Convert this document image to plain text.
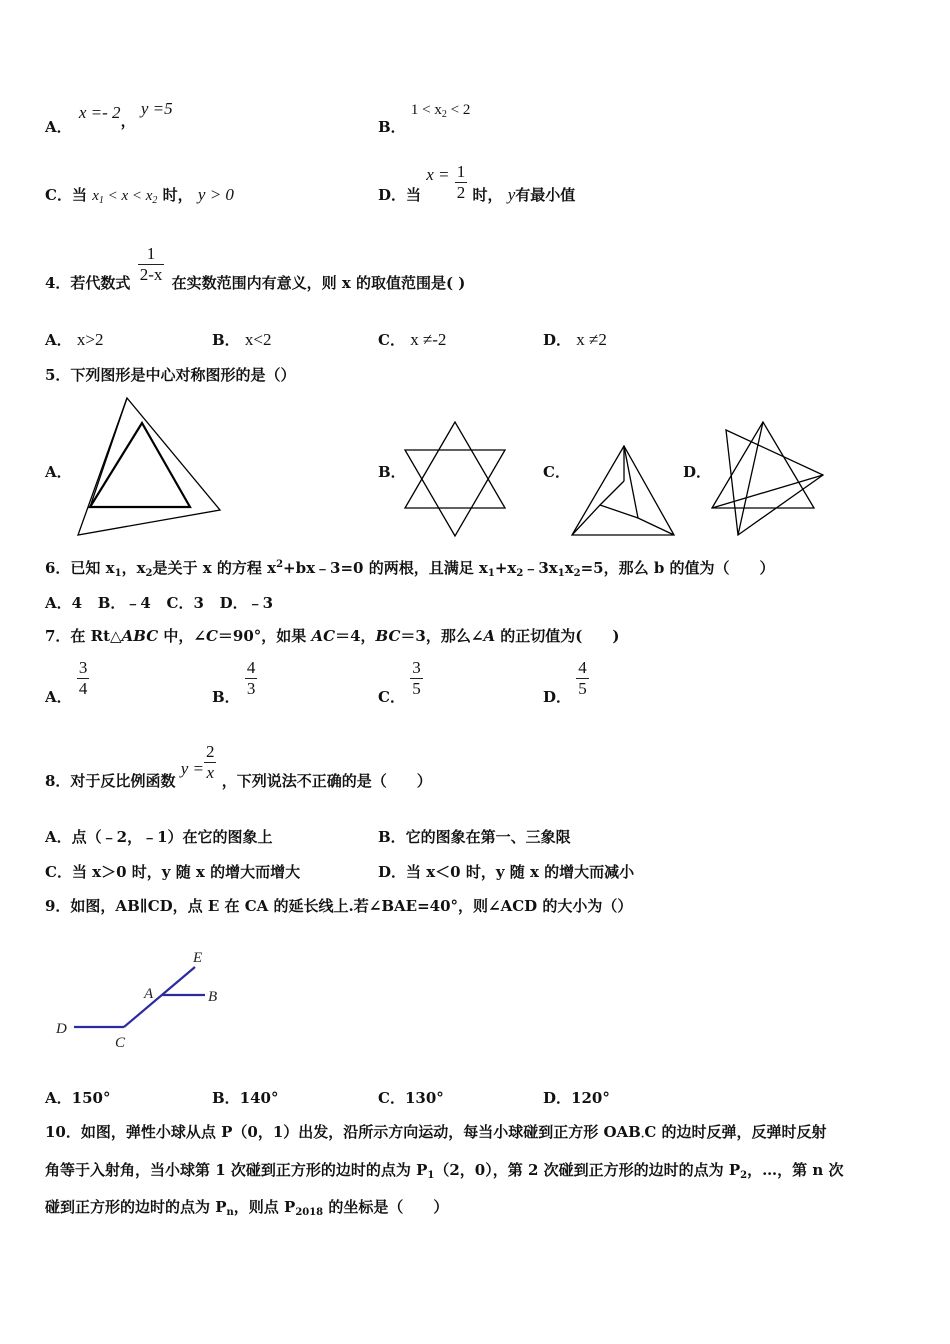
A． x =- 2， y =5
B． $1 < x_2 < 2$
C．当 $x_1 < x < x_2$ 时， y > 0	D．当 $x = \frac{1}{2}$ 时， y有最小值
4．若代数式 $\frac{1}{2-x}$ 在实数范围内有意义，则 x 的取值范围是( )
A． x>2	B． x<2	C． x ≠-2	D． x ≠2
5．下列图形是中心对称图形的是（）
A．	B．	C．	D．
6．已知 $x_1$，$x_2$是关于 x 的方程 $x^2+bx﹣3=0$ 的两根，且满足 $x_1+x_2﹣3x_1x_2=5$，那么 b 的值为（　　）
A．4   B．﹣4   C．3   D．﹣3
7．在 Rt△ABC 中，∠C＝90°，如果 AC＝4，BC＝3，那么∠A 的正切值为(　　)
A． $\frac{3}{4}$	B． $\frac{4}{3}$	C． $\frac{3}{5}$	D． $\frac{4}{5}$
8．对于反比例函数 $y = \frac{2}{x}$ ，下列说法不正确的是（　　）
A．点（﹣2，﹣1）在它的图象上	B．它的图象在第一、三象限
C．当 x＞0 时，y 随 x 的增大而增大	D．当 x＜0 时，y 随 x 的增大而减小
9．如图，AB∥CD，点 E 在 CA 的延长线上.若∠BAE=40°，则∠ACD 的大小为（）
E
A	B
D
C
A．150°	B．140°	C．130°	D．120°
10．如图，弹性小球从点 P（0，1）出发，沿所示方向运动，每当小球碰到正方形 $OAB_\cdot C$ 的边时反弹，反弹时反射
角等于入射角，当小球第 1 次碰到正方形的边时的点为 $P_1(2$，0），第 2 次碰到正方形的边时的点为 $P_2$，…，第 n 次
碰到正方形的边时的点为 $P_n$，则点 $P_{2018}$ 的坐标是（　　）
